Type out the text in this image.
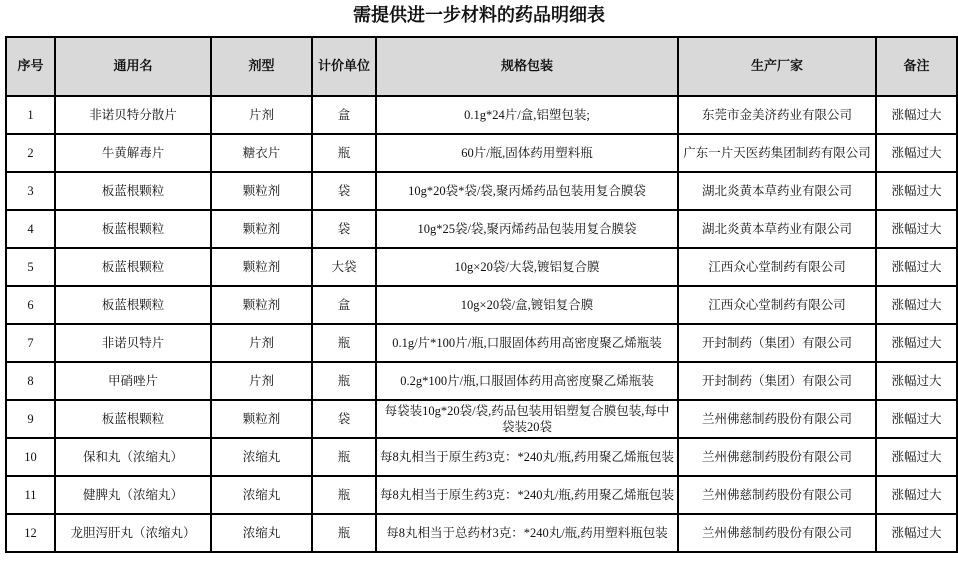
需提供进一步材料的药品明细表
序号	通用名	剂型	计价单位	规格包装	生产厂家	备注
1	非诺贝特分散片	片剂	盒	0.1g*24片/盒,铝塑包装;	东莞市金美济药业有限公司	涨幅过大
2	牛黄解毒片	糖衣片	瓶	60片/瓶,固体药用塑料瓶	广东一片天医药集团制药有限公司	涨幅过大
3	板蓝根颗粒	颗粒剂	袋	10g*20袋*袋/袋,聚丙烯药品包装用复合膜袋	湖北炎黄本草药业有限公司	涨幅过大
4	板蓝根颗粒	颗粒剂	袋	10g*25袋/袋,聚丙烯药品包装用复合膜袋	湖北炎黄本草药业有限公司	涨幅过大
5	板蓝根颗粒	颗粒剂	大袋	10g×20袋/大袋,镀铝复合膜	江西众心堂制药有限公司	涨幅过大
6	板蓝根颗粒	颗粒剂	盒	10g×20袋/盒,镀铝复合膜	江西众心堂制药有限公司	涨幅过大
7	非诺贝特片	片剂	瓶	0.1g/片*100片/瓶,口服固体药用高密度聚乙烯瓶装	开封制药（集团）有限公司	涨幅过大
8	甲硝唑片	片剂	瓶	0.2g*100片/瓶,口服固体药用高密度聚乙烯瓶装	开封制药（集团）有限公司	涨幅过大
9	板蓝根颗粒	颗粒剂	袋	每袋装10g*20袋/袋,药品包装用铝塑复合膜包装,每中袋装20袋	兰州佛慈制药股份有限公司	涨幅过大
10	保和丸（浓缩丸）	浓缩丸	瓶	每8丸相当于原生药3克：*240丸/瓶,药用聚乙烯瓶包装	兰州佛慈制药股份有限公司	涨幅过大
11	健脾丸（浓缩丸）	浓缩丸	瓶	每8丸相当于原生药3克：*240丸/瓶,药用聚乙烯瓶包装	兰州佛慈制药股份有限公司	涨幅过大
12	龙胆泻肝丸（浓缩丸）	浓缩丸	瓶	每8丸相当于总药材3克：*240丸/瓶,药用塑料瓶包装	兰州佛慈制药股份有限公司	涨幅过大
